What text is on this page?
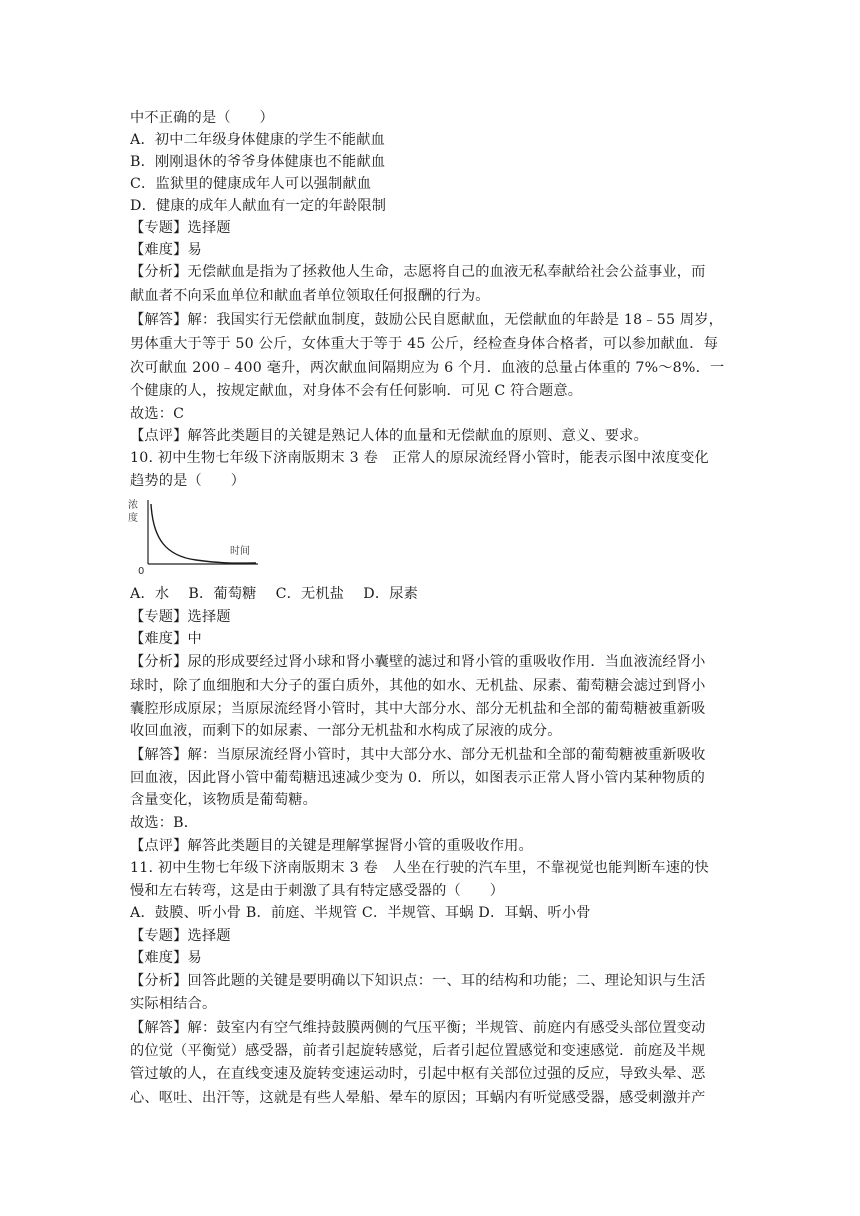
中不正确的是（　　）
A．初中二年级身体健康的学生不能献血
B．刚刚退休的爷爷身体健康也不能献血
C．监狱里的健康成年人可以强制献血
D．健康的成年人献血有一定的年龄限制
【专题】选择题
【难度】易
【分析】无偿献血是指为了拯救他人生命，志愿将自己的血液无私奉献给社会公益事业，而
献血者不向采血单位和献血者单位领取任何报酬的行为。
【解答】解：我国实行无偿献血制度，鼓励公民自愿献血，无偿献血的年龄是 18﹣55 周岁，
男体重大于等于 50 公斤，女体重大于等于 45 公斤，经检查身体合格者，可以参加献血．每
次可献血 200﹣400 毫升，两次献血间隔期应为 6 个月．血液的总量占体重的 7%～8%．一
个健康的人，按规定献血，对身体不会有任何影响．可见 C 符合题意。
故选：C
【点评】解答此类题目的关键是熟记人体的血量和无偿献血的原则、意义、要求。
10. 初中生物七年级下济南版期末 3 卷　正常人的原尿流经肾小管时，能表示图中浓度变化
趋势的是（　　）
A．水　 B．葡萄糖　 C．无机盐　 D．尿素
【专题】选择题
【难度】中
【分析】尿的形成要经过肾小球和肾小囊壁的滤过和肾小管的重吸收作用．当血液流经肾小
球时，除了血细胞和大分子的蛋白质外，其他的如水、无机盐、尿素、葡萄糖会滤过到肾小
囊腔形成原尿；当原尿流经肾小管时，其中大部分水、部分无机盐和全部的葡萄糖被重新吸
收回血液，而剩下的如尿素、一部分无机盐和水构成了尿液的成分。
【解答】解：当原尿流经肾小管时，其中大部分水、部分无机盐和全部的葡萄糖被重新吸收
回血液，因此肾小管中葡萄糖迅速减少变为 0．所以，如图表示正常人肾小管内某种物质的
含量变化，该物质是葡萄糖。
故选：B．
【点评】解答此类题目的关键是理解掌握肾小管的重吸收作用。
11. 初中生物七年级下济南版期末 3 卷　人坐在行驶的汽车里，不靠视觉也能判断车速的快
慢和左右转弯，这是由于刺激了具有特定感受器的（　　）
A．鼓膜、听小骨 B．前庭、半规管 C．半规管、耳蜗 D．耳蜗、听小骨
【专题】选择题
【难度】易
【分析】回答此题的关键是要明确以下知识点：一、耳的结构和功能；二、理论知识与生活
实际相结合。
【解答】解：鼓室内有空气维持鼓膜两侧的气压平衡；半规管、前庭内有感受头部位置变动
的位觉（平衡觉）感受器，前者引起旋转感觉，后者引起位置感觉和变速感觉．前庭及半规
管过敏的人，在直线变速及旋转变速运动时，引起中枢有关部位过强的反应，导致头晕、恶
心、呕吐、出汗等，这就是有些人晕船、晕车的原因；耳蜗内有听觉感受器，感受刺激并产
浓
度
时间
0
